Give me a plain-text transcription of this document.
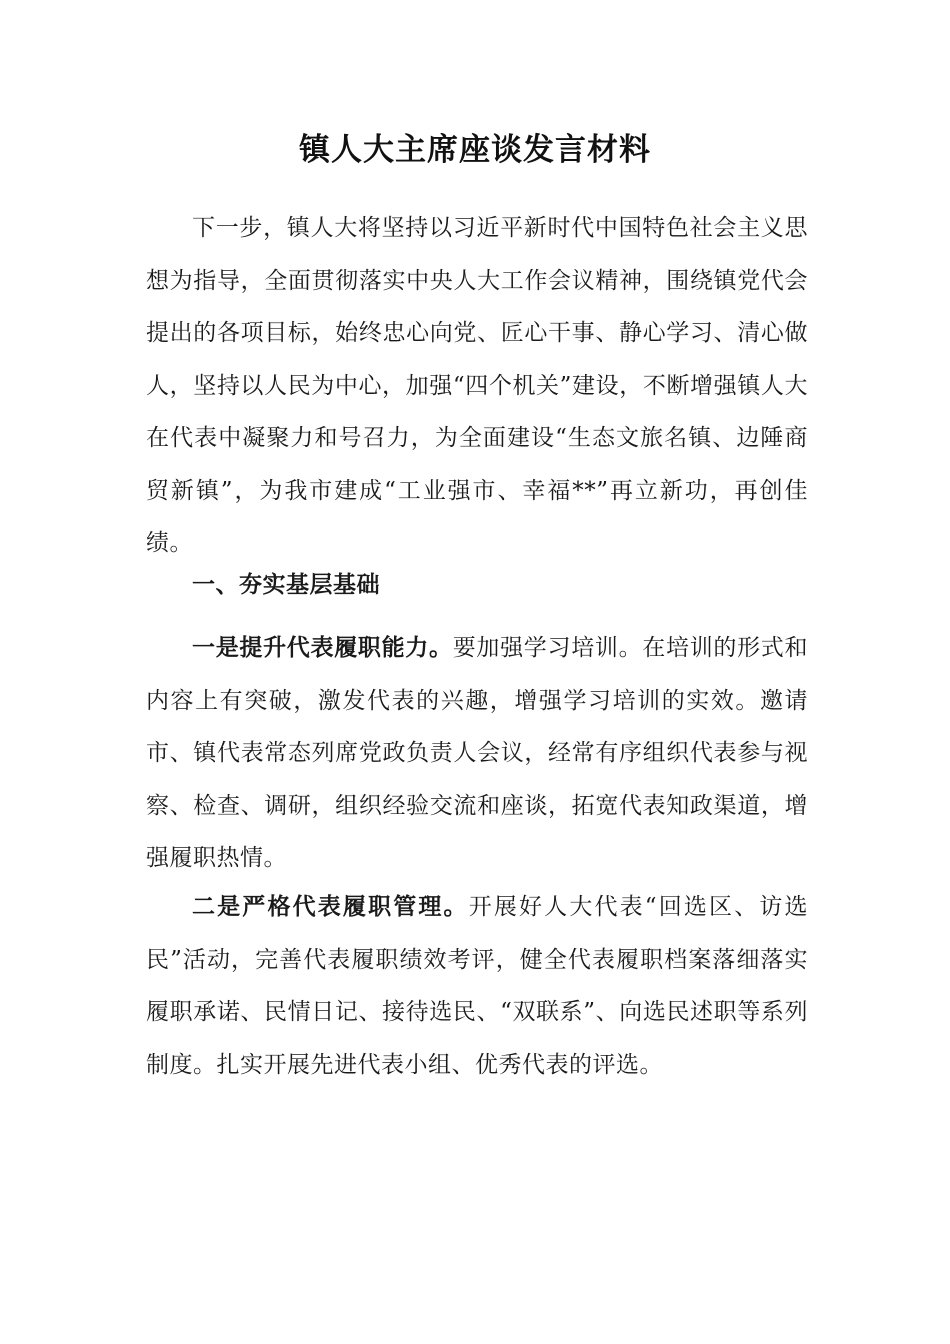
镇人大主席座谈发言材料

下一步，镇人大将坚持以习近平新时代中国特色社会主义思想为指导，全面贯彻落实中央人大工作会议精神，围绕镇党代会提出的各项目标，始终忠心向党、匠心干事、静心学习、清心做人，坚持以人民为中心，加强“四个机关”建设，不断增强镇人大在代表中凝聚力和号召力，为全面建设“生态文旅名镇、边陲商贸新镇”，为我市建成“工业强市、幸福**”再立新功，再创佳绩。

一、夯实基层基础

一是提升代表履职能力。要加强学习培训。在培训的形式和内容上有突破，激发代表的兴趣，增强学习培训的实效。邀请市、镇代表常态列席党政负责人会议，经常有序组织代表参与视察、检查、调研，组织经验交流和座谈，拓宽代表知政渠道，增强履职热情。

二是严格代表履职管理。开展好人大代表“回选区、访选民”活动，完善代表履职绩效考评，健全代表履职档案落细落实履职承诺、民情日记、接待选民、“双联系”、向选民述职等系列制度。扎实开展先进代表小组、优秀代表的评选。
